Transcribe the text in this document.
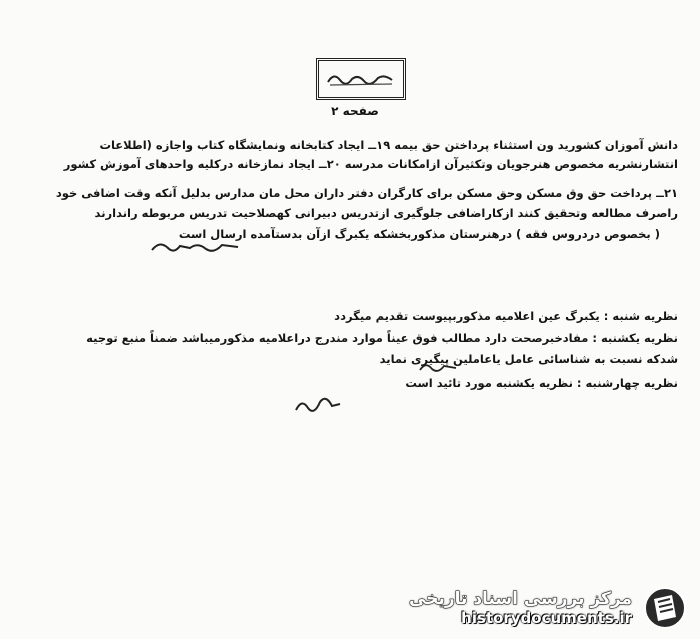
صفحه ۲
دانش آموزان کشورید ون استثناء پرداختن حق بیمه ۱۹ــ ایجاد کتابخانه ونمایشگاه کتاب واجازه (اطلاعات
انتشارنشریه مخصوص هنرجویان وتکثیرآن ازامکانات مدرسه ۲۰ــ ایجاد نمازخانه درکلیه واحدهای آموزش کشور
۲۱ــ پرداخت حق وق مسکن وحق مسکن برای کارگران دفتر داران محل مان مدارس بدلیل آنکه وقت اضافی خود
راصرف مطالعه وتحقیق کنند ازکاراضافی جلوگیری ازتدریس دبیرانی کهصلاحیت تدریس مربوطه راندارند
( بخصوص دردروس فقه ) درهنرستان مذکوربخشکه یکبرگ ازآن بدستآمده ارسال است
نظریه شنبه : یکبرگ عین اعلامیه مذکوربپیوست تقدیم میگردد
نظریه یکشنبه : مفادخبرصحت دارد مطالب فوق عیناً موارد مندرج دراعلامیه مذکورمیباشد ضمناً منبع توجیه
شدکه نسبت به شناسائی عامل یاعاملین پیگیری نماید
نظریه چهارشنبه : نظریه یکشنبه مورد تائید است
مرکز بررسی اسناد تاریخی
historydocuments.ir
